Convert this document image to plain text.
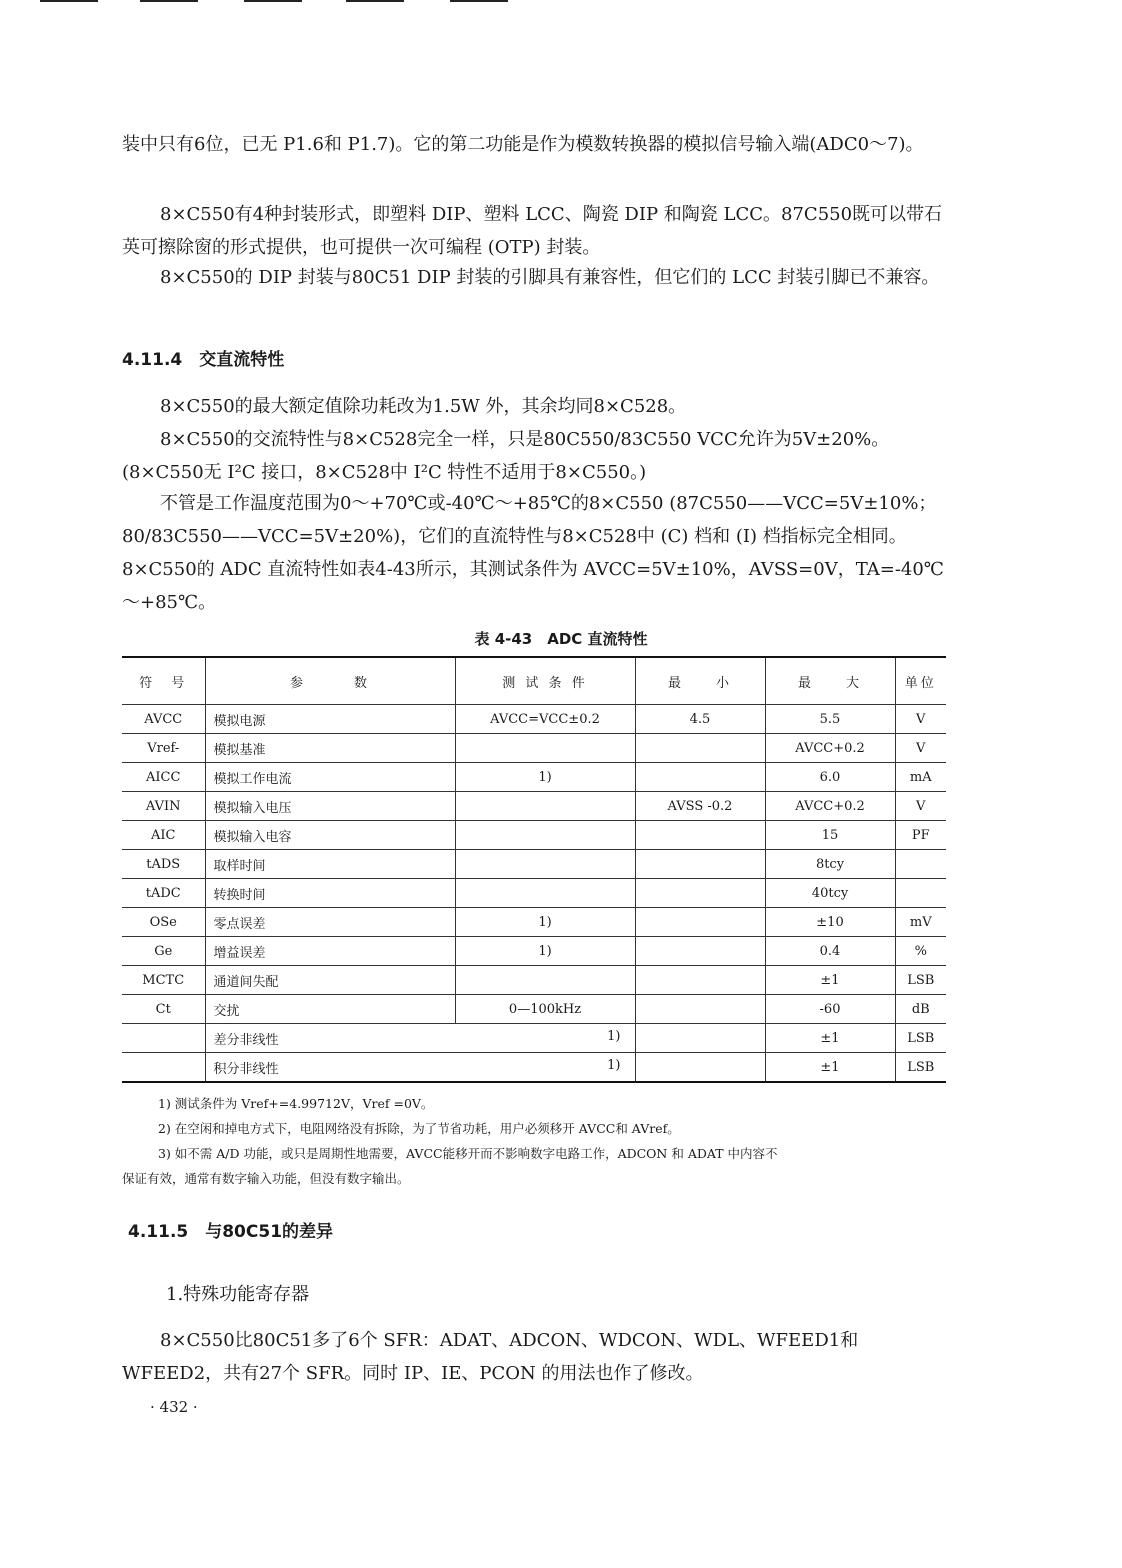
装中只有6位，已无 P1.6和 P1.7)。它的第二功能是作为模数转换器的模拟信号输入端(ADC0～7)。

8×C550有4种封装形式，即塑料 DIP、塑料 LCC、陶瓷 DIP 和陶瓷 LCC。87C550既可以带石英可擦除窗的形式提供，也可提供一次可编程 (OTP) 封装。

8×C550的 DIP 封装与80C51 DIP 封装的引脚具有兼容性，但它们的 LCC 封装引脚已不兼容。

4.11.4　交直流特性

8×C550的最大额定值除功耗改为1.5W 外，其余均同8×C528。

8×C550的交流特性与8×C528完全一样，只是80C550/83C550 VCC允许为5V±20%。(8×C550无 I²C 接口，8×C528中 I²C 特性不适用于8×C550。)

不管是工作温度范围为0～+70℃或-40℃～+85℃的8×C550 (87C550——VCC=5V±10%；80/83C550——VCC=5V±20%)，它们的直流特性与8×C528中 (C) 档和 (I) 档指标完全相同。8×C550的 ADC 直流特性如表4-43所示，其测试条件为 AVCC=5V±10%，AVSS=0V，TA=-40℃～+85℃。

表 4-43　ADC 直流特性
符　号	参　　　数	测 试 条 件	最　　小	最　　大	单位
AVCC	模拟电源	AVCC=VCC±0.2	4.5	5.5	V
Vref-	模拟基准			AVCC+0.2	V
AICC	模拟工作电流	1)		6.0	mA
AVIN	模拟输入电压		AVSS -0.2	AVCC+0.2	V
AIC	模拟输入电容			15	PF
tADS	取样时间			8tcy	
tADC	转换时间			40tcy	
OSe	零点误差	1)		±10	mV
Ge	增益误差	1)		0.4	%
MCTC	通道间失配			±1	LSB
Ct	交扰	0—100kHz		-60	dB
	差分非线性 1)			±1	LSB
	积分非线性 1)			±1	LSB

1) 测试条件为 Vref+=4.99712V，Vref =0V。

2) 在空闲和掉电方式下，电阻网络没有拆除，为了节省功耗，用户必须移开 AVCC和 AVref。

3) 如不需 A/D 功能，或只是周期性地需要，AVCC能移开而不影响数字电路工作，ADCON 和 ADAT 中内容不

保证有效，通常有数字输入功能，但没有数字输出。

4.11.5　与80C51的差异

1.特殊功能寄存器

8×C550比80C51多了6个 SFR：ADAT、ADCON、WDCON、WDL、WFEED1和WFEED2，共有27个 SFR。同时 IP、IE、PCON 的用法也作了修改。

· 432 ·
